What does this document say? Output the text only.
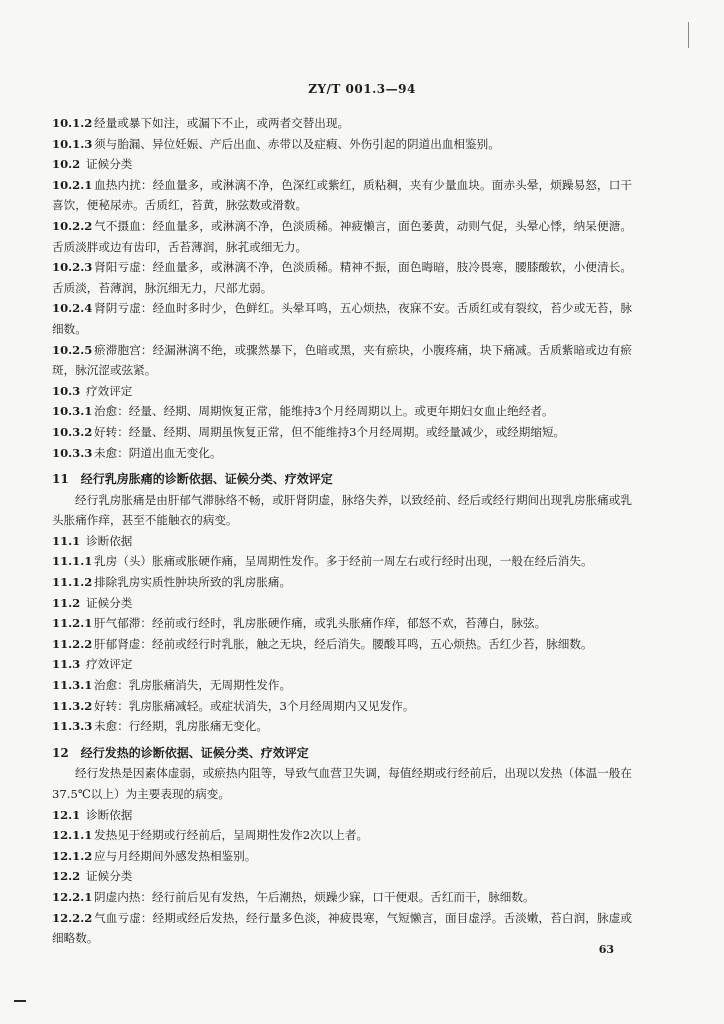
ZY/T 001.3—94
10.1.2 经量或暴下如注，或漏下不止，或两者交替出现。
10.1.3 须与胎漏、异位妊娠、产后出血、赤带以及症瘕、外伤引起的阴道出血相鉴别。
10.2 证候分类
10.2.1 血热内扰：经血量多，或淋漓不净，色深红或紫红，质粘稠，夹有少量血块。面赤头晕，烦躁易怒，口干喜饮，便秘尿赤。舌质红，苔黄，脉弦数或滑数。
10.2.2 气不摄血：经血量多，或淋漓不净，色淡质稀。神疲懒言，面色萎黄，动则气促，头晕心悸，纳呆便溏。舌质淡胖或边有齿印，舌苔薄润，脉芤或细无力。
10.2.3 肾阳亏虚：经血量多，或淋漓不净，色淡质稀。精神不振，面色晦暗，肢冷畏寒，腰膝酸软，小便清长。舌质淡，苔薄润，脉沉细无力，尺部尤弱。
10.2.4 肾阴亏虚：经血时多时少，色鲜红。头晕耳鸣，五心烦热，夜寐不安。舌质红或有裂纹，苔少或无苔，脉细数。
10.2.5 瘀滞胞宫：经漏淋漓不绝，或骤然暴下，色暗或黑，夹有瘀块，小腹疼痛，块下痛减。舌质紫暗或边有瘀斑，脉沉涩或弦紧。
10.3 疗效评定
10.3.1 治愈：经量、经期、周期恢复正常，能维持3个月经周期以上。或更年期妇女血止绝经者。
10.3.2 好转：经量、经期、周期虽恢复正常，但不能维持3个月经周期。或经量减少，或经期缩短。
10.3.3 未愈：阴道出血无变化。
11　经行乳房胀痛的诊断依据、证候分类、疗效评定
经行乳房胀痛是由肝郁气滞脉络不畅，或肝肾阴虚，脉络失养，以致经前、经后或经行期间出现乳房胀痛或乳头胀痛作痒，甚至不能触衣的病变。
11.1 诊断依据
11.1.1 乳房（头）胀痛或胀硬作痛，呈周期性发作。多于经前一周左右或行经时出现，一般在经后消失。
11.1.2 排除乳房实质性肿块所致的乳房胀痛。
11.2 证候分类
11.2.1 肝气郁滞：经前或行经时，乳房胀硬作痛，或乳头胀痛作痒，郁怒不欢，苔薄白，脉弦。
11.2.2 肝郁肾虚：经前或经行时乳胀，触之无块，经后消失。腰酸耳鸣，五心烦热。舌红少苔，脉细数。
11.3 疗效评定
11.3.1 治愈：乳房胀痛消失，无周期性发作。
11.3.2 好转：乳房胀痛减轻。或症状消失，3个月经周期内又见发作。
11.3.3 未愈：行经期，乳房胀痛无变化。
12　经行发热的诊断依据、证候分类、疗效评定
经行发热是因素体虚弱，或瘀热内阻等，导致气血营卫失调，每值经期或行经前后，出现以发热（体温一般在37.5℃以上）为主要表现的病变。
12.1 诊断依据
12.1.1 发热见于经期或行经前后，呈周期性发作2次以上者。
12.1.2 应与月经期间外感发热相鉴别。
12.2 证候分类
12.2.1 阴虚内热：经行前后见有发热，午后潮热，烦躁少寐，口干便艰。舌红而干，脉细数。
12.2.2 气血亏虚：经期或经后发热，经行量多色淡，神疲畏寒，气短懒言，面目虚浮。舌淡嫩，苔白润，脉虚或细略数。
63
